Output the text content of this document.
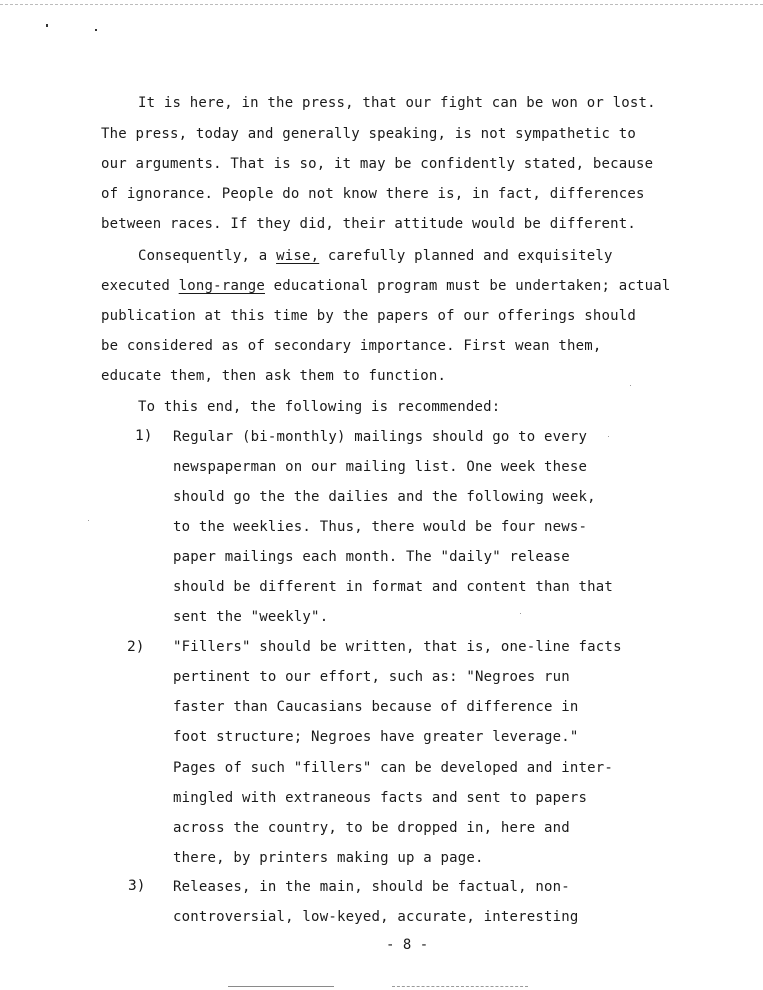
It is here, in the press, that our fight can be won or lost.
The press, today and generally speaking, is not sympathetic to
our arguments. That is so, it may be confidently stated, because
of ignorance. People do not know there is, in fact, differences
between races. If they did, their attitude would be different.
Consequently, a wise, carefully planned and exquisitely
executed long-range educational program must be undertaken; actual
publication at this time by the papers of our offerings should
be considered as of secondary importance. First wean them,
educate them, then ask them to function.
To this end, the following is recommended:
1) Regular (bi-monthly) mailings should go to every
newspaperman on our mailing list. One week these
should go the the dailies and the following week,
to the weeklies. Thus, there would be four news-
paper mailings each month. The "daily" release
should be different in format and content than that
sent the "weekly".
2) "Fillers" should be written, that is, one-line facts
pertinent to our effort, such as: "Negroes run
faster than Caucasians because of difference in
foot structure; Negroes have greater leverage."
Pages of such "fillers" can be developed and inter-
mingled with extraneous facts and sent to papers
across the country, to be dropped in, here and
there, by printers making up a page.
3) Releases, in the main, should be factual, non-
controversial, low-keyed, accurate, interesting
- 8 -
